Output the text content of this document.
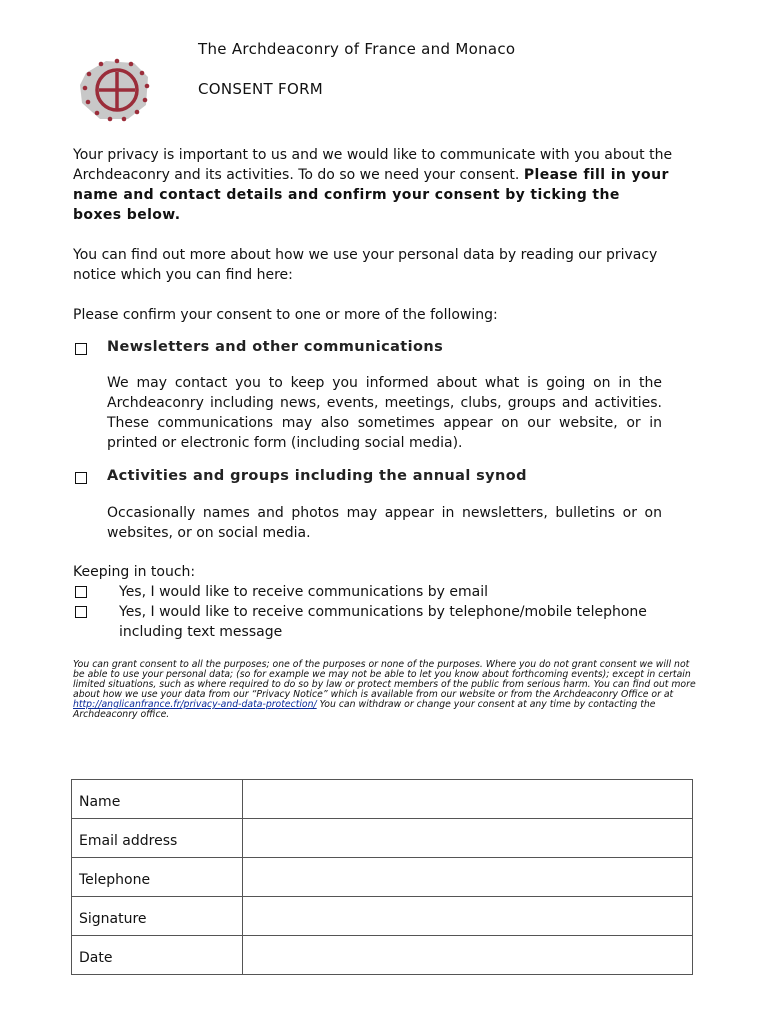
The Archdeaconry of France and Monaco
CONSENT FORM
Your privacy is important to us and we would like to communicate with you about the Archdeaconry and its activities. To do so we need your consent. Please fill in your name and contact details and confirm your consent by ticking the boxes below.
You can find out more about how we use your personal data by reading our privacy notice which you can find here:
Please confirm your consent to one or more of the following:
Newsletters and other communications
We may contact you to keep you informed about what is going on in the Archdeaconry including news, events, meetings, clubs, groups and activities. These communications may also sometimes appear on our website, or in printed or electronic form (including social media).
Activities and groups including the annual synod
Occasionally names and photos may appear in newsletters, bulletins or on websites, or on social media.
Keeping in touch:
Yes, I would like to receive communications by email
Yes, I would like to receive communications by telephone/mobile telephone including text message
You can grant consent to all the purposes; one of the purposes or none of the purposes. Where you do not grant consent we will not be able to use your personal data; (so for example we may not be able to let you know about forthcoming events); except in certain limited situations, such as where required to do so by law or protect members of the public from serious harm. You can find out more about how we use your data from our “Privacy Notice” which is available from our website or from the Archdeaconry Office or at http://anglicanfrance.fr/privacy-and-data-protection/ You can withdraw or change your consent at any time by contacting the Archdeaconry office.
Name	
Email address	
Telephone	
Signature	
Date	
